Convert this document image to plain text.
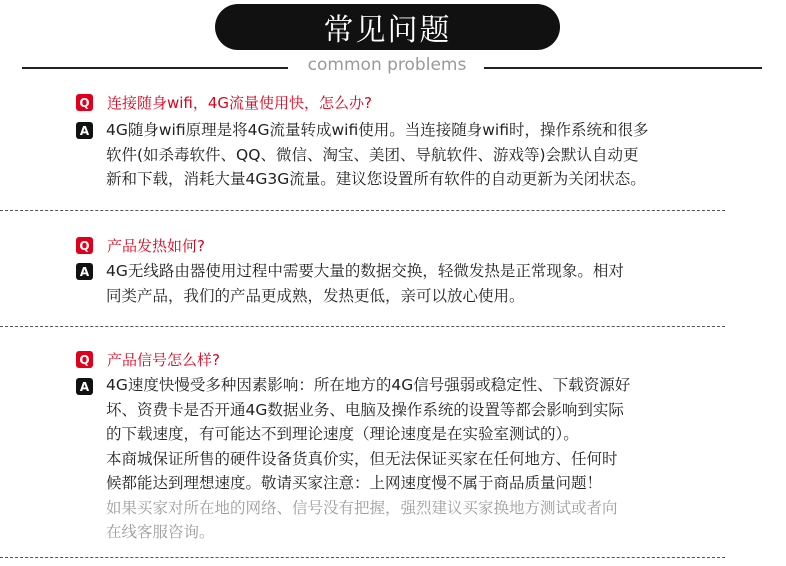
常见问题
common problems
Q 连接随身wifi，4G流量使用快，怎么办?
A 4G随身wifi原理是将4G流量转成wifi使用。当连接随身wifi时，操作系统和很多
软件(如杀毒软件、QQ、微信、淘宝、美团、导航软件、游戏等)会默认自动更
新和下载，消耗大量4G3G流量。建议您设置所有软件的自动更新为关闭状态。
Q 产品发热如何?
A 4G无线路由器使用过程中需要大量的数据交换，轻微发热是正常现象。相对
同类产品，我们的产品更成熟，发热更低，亲可以放心使用。
Q 产品信号怎么样?
A 4G速度快慢受多种因素影响：所在地方的4G信号强弱或稳定性、下载资源好
坏、资费卡是否开通4G数据业务、电脑及操作系统的设置等都会影响到实际
的下载速度，有可能达不到理论速度（理论速度是在实验室测试的）。
本商城保证所售的硬件设备货真价实，但无法保证买家在任何地方、任何时
候都能达到理想速度。敬请买家注意：上网速度慢不属于商品质量问题！
如果买家对所在地的网络、信号没有把握，强烈建议买家换地方测试或者向
在线客服咨询。
